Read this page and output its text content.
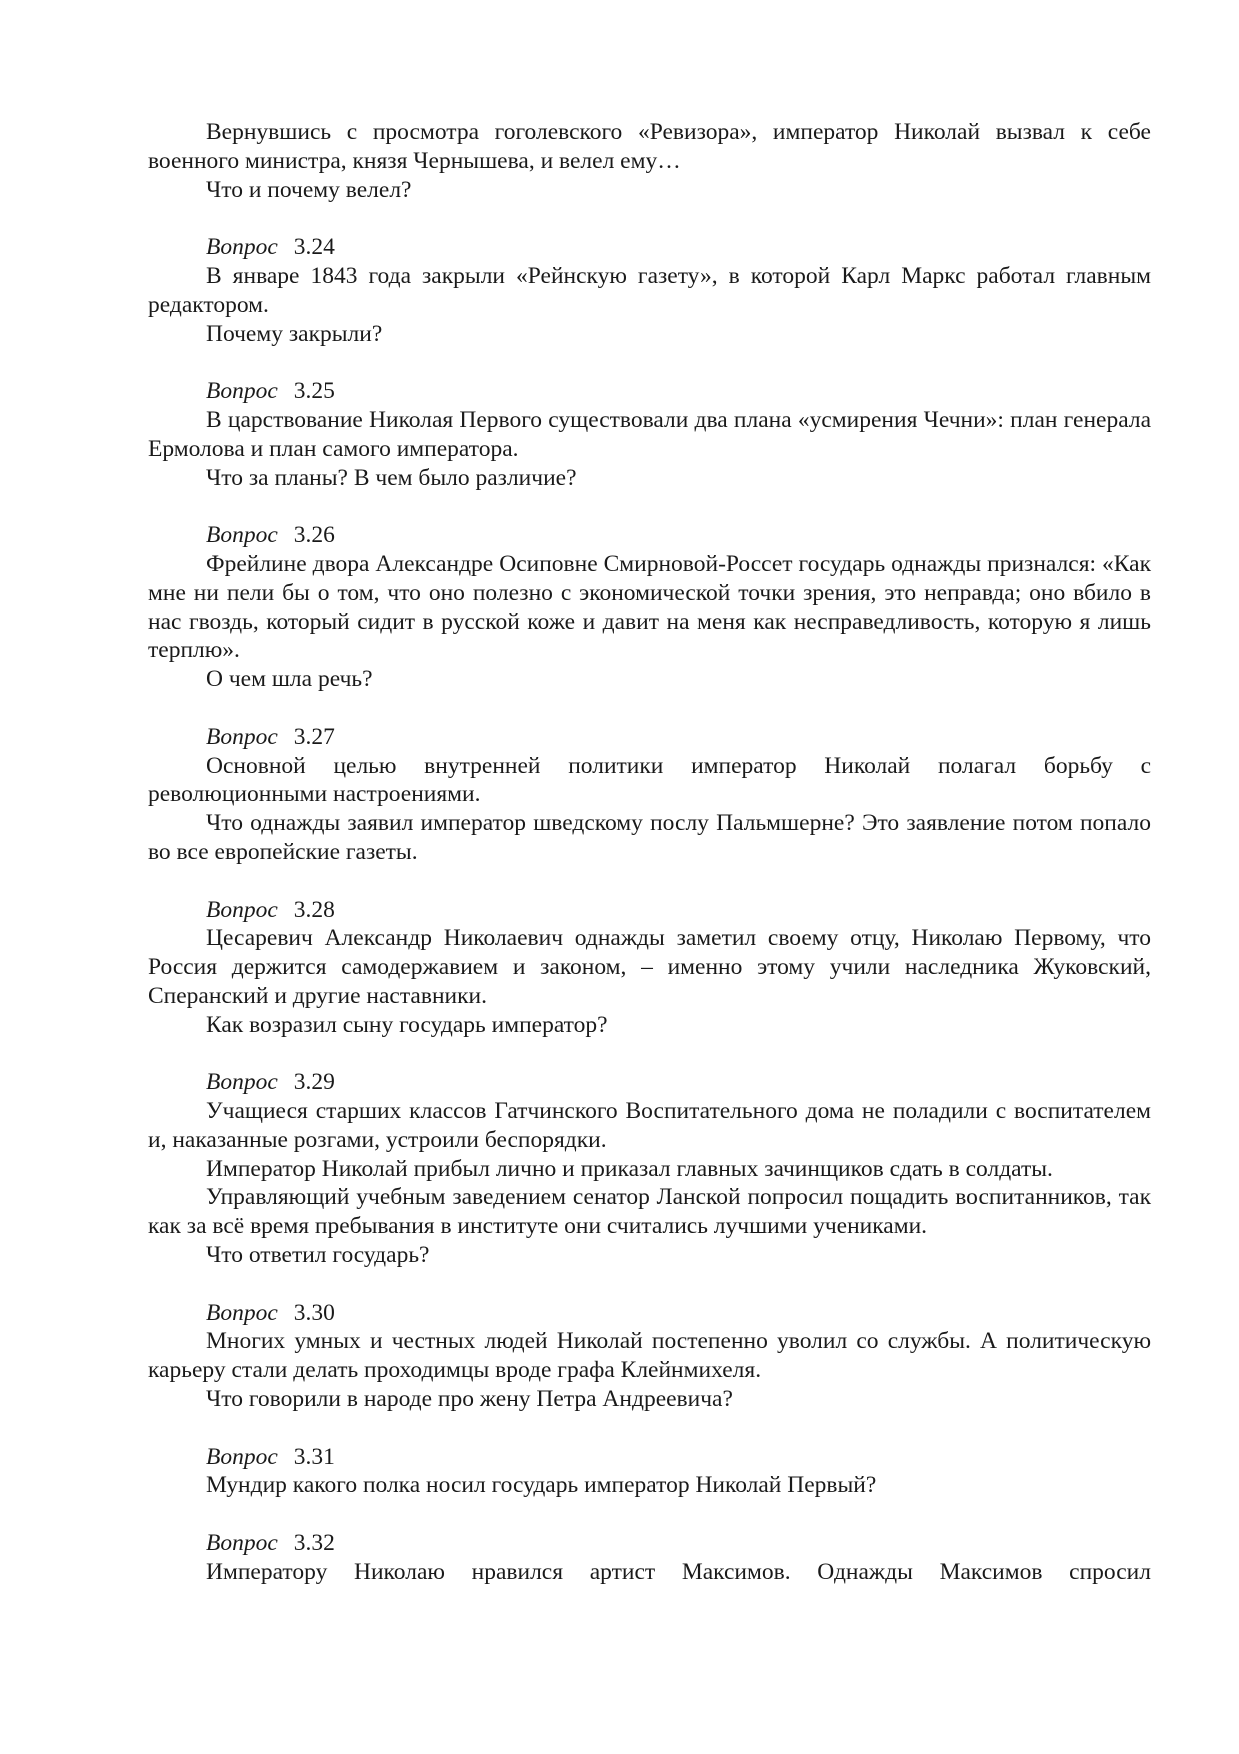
Вернувшись с просмотра гоголевского «Ревизора», император Николай вызвал к себе военного министра, князя Чернышева, и велел ему…

Что и почему велел?

Вопрос 3.24

В январе 1843 года закрыли «Рейнскую газету», в которой Карл Маркс работал главным редактором.

Почему закрыли?

Вопрос 3.25

В царствование Николая Первого существовали два плана «усмирения Чечни»: план генерала Ермолова и план самого императора.

Что за планы? В чем было различие?

Вопрос 3.26

Фрейлине двора Александре Осиповне Смирновой-Россет государь однажды признался: «Как мне ни пели бы о том, что оно полезно с экономической точки зрения, это неправда; оно вбило в нас гвоздь, который сидит в русской коже и давит на меня как несправедливость, которую я лишь терплю».

О чем шла речь?

Вопрос 3.27

Основной целью внутренней политики император Николай полагал борьбу с революционными настроениями.

Что однажды заявил император шведскому послу Пальмшерне? Это заявление потом попало во все европейские газеты.

Вопрос 3.28

Цесаревич Александр Николаевич однажды заметил своему отцу, Николаю Первому, что Россия держится самодержавием и законом, – именно этому учили наследника Жуковский, Сперанский и другие наставники.

Как возразил сыну государь император?

Вопрос 3.29

Учащиеся старших классов Гатчинского Воспитательного дома не поладили с воспитателем и, наказанные розгами, устроили беспорядки.

Император Николай прибыл лично и приказал главных зачинщиков сдать в солдаты.

Управляющий учебным заведением сенатор Ланской попросил пощадить воспитанников, так как за всё время пребывания в институте они считались лучшими учениками.

Что ответил государь?

Вопрос 3.30

Многих умных и честных людей Николай постепенно уволил со службы. А политическую карьеру стали делать проходимцы вроде графа Клейнмихеля.

Что говорили в народе про жену Петра Андреевича?

Вопрос 3.31

Мундир какого полка носил государь император Николай Первый?

Вопрос 3.32

Императору Николаю нравился артист Максимов. Однажды Максимов спросил
